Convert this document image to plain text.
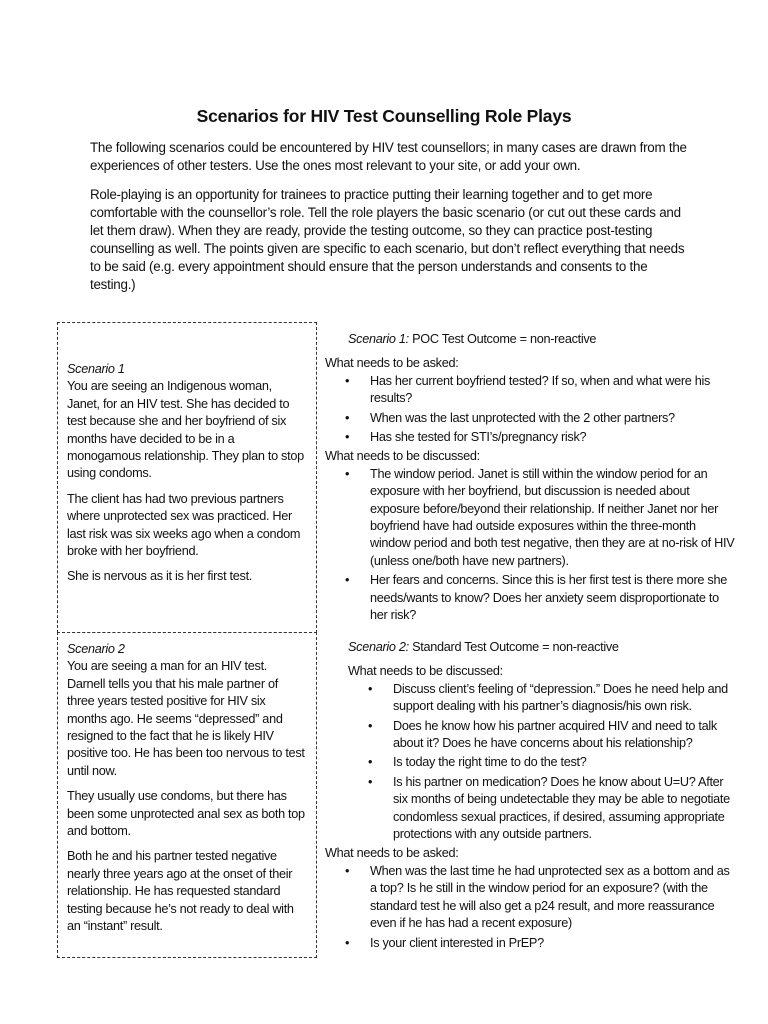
Scenarios for HIV Test Counselling Role Plays

The following scenarios could be encountered by HIV test counsellors; in many cases are drawn from the experiences of other testers. Use the ones most relevant to your site, or add your own.

Role-playing is an opportunity for trainees to practice putting their learning together and to get more comfortable with the counsellor’s role. Tell the role players the basic scenario (or cut out these cards and let them draw). When they are ready, provide the testing outcome, so they can practice post-testing counselling as well. The points given are specific to each scenario, but don’t reflect everything that needs to be said (e.g. every appointment should ensure that the person understands and consents to the testing.)

Scenario 1

You are seeing an Indigenous woman, Janet, for an HIV test. She has decided to test because she and her boyfriend of six months have decided to be in a monogamous relationship. They plan to stop using condoms.

The client has had two previous partners where unprotected sex was practiced. Her last risk was six weeks ago when a condom broke with her boyfriend.

She is nervous as it is her first test.

Scenario 1: POC Test Outcome = non-reactive
What needs to be asked:
• Has her current boyfriend tested? If so, when and what were his results?
• When was the last unprotected with the 2 other partners?
• Has she tested for STI’s/pregnancy risk?
What needs to be discussed:
• The window period. Janet is still within the window period for an exposure with her boyfriend, but discussion is needed about exposure before/beyond their relationship. If neither Janet nor her boyfriend have had outside exposures within the three-month window period and both test negative, then they are at no-risk of HIV (unless one/both have new partners).
• Her fears and concerns. Since this is her first test is there more she needs/wants to know? Does her anxiety seem disproportionate to her risk?

Scenario 2

You are seeing a man for an HIV test. Darnell tells you that his male partner of three years tested positive for HIV six months ago. He seems “depressed” and resigned to the fact that he is likely HIV positive too. He has been too nervous to test until now.

They usually use condoms, but there has been some unprotected anal sex as both top and bottom.

Both he and his partner tested negative nearly three years ago at the onset of their relationship. He has requested standard testing because he’s not ready to deal with an “instant” result.

Scenario 2: Standard Test Outcome = non-reactive
What needs to be discussed:
• Discuss client’s feeling of “depression.” Does he need help and support dealing with his partner’s diagnosis/his own risk.
• Does he know how his partner acquired HIV and need to talk about it? Does he have concerns about his relationship?
• Is today the right time to do the test?
• Is his partner on medication? Does he know about U=U? After six months of being undetectable they may be able to negotiate condomless sexual practices, if desired, assuming appropriate protections with any outside partners.
What needs to be asked:
• When was the last time he had unprotected sex as a bottom and as a top? Is he still in the window period for an exposure? (with the standard test he will also get a p24 result, and more reassurance even if he has had a recent exposure)
• Is your client interested in PrEP?
